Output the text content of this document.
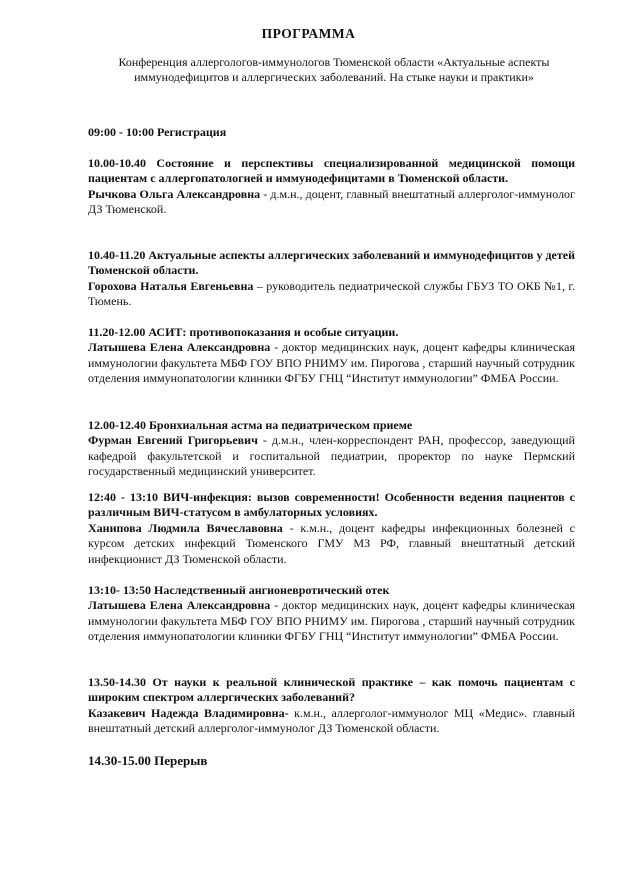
ПРОГРАММА
Конференция аллергологов-иммунологов Тюменской области «Актуальные аспекты иммунодефицитов и аллергических заболеваний. На стыке науки и практики»
09:00 - 10:00 Регистрация
10.00-10.40 Состояние и перспективы специализированной медицинской помощи пациентам с аллергопатологией и иммунодефицитами в Тюменской области.
Рычкова Ольга Александровна - д.м.н., доцент, главный внештатный аллерголог-иммунолог ДЗ Тюменской.
10.40-11.20 Актуальные аспекты аллергических заболеваний и иммунодефицитов у детей Тюменской области.
Горохова Наталья Евгеньевна – руководитель педиатрической службы ГБУЗ ТО ОКБ №1, г. Тюмень.
11.20-12.00 АСИТ: противопоказания и особые ситуации.
Латышева Елена Александровна - доктор медицинских наук, доцент кафедры клиническая иммунологии факультета МБФ ГОУ ВПО РНИМУ им. Пирогова , старший научный сотрудник отделения иммунопатологии клиники ФГБУ ГНЦ “Институт иммунологии” ФМБА России.
12.00-12.40 Бронхиальная астма на педиатрическом приеме
Фурман Евгений Григорьевич - д.м.н., член-корреспондент РАН, профессор, заведующий кафедрой факультетской и госпитальной педиатрии, проректор по науке Пермский государственный медицинский университет.
12:40 - 13:10 ВИЧ-инфекция: вызов современности! Особенности ведения пациентов с различным ВИЧ-статусом в амбулаторных условиях.
Ханипова Людмила Вячеславовна - к.м.н., доцент кафедры инфекционных болезней с курсом детских инфекций Тюменского ГМУ МЗ РФ, главный внештатный детский инфекционист ДЗ Тюменской области.
13:10- 13:50 Наследственный ангионевротический отек
Латышева Елена Александровна - доктор медицинских наук, доцент кафедры клиническая иммунологии факультета МБФ ГОУ ВПО РНИМУ им. Пирогова , старший научный сотрудник отделения иммунопатологии клиники ФГБУ ГНЦ “Институт иммунологии” ФМБА России.
13.50-14.30 От науки к реальной клинической практике – как помочь пациентам с широким спектром аллергических заболеваний?
Казакевич Надежда Владимировна- к.м.н., аллерголог-иммунолог МЦ «Медис». главный внештатный детский аллерголог-иммунолог ДЗ Тюменской области.
14.30-15.00 Перерыв
